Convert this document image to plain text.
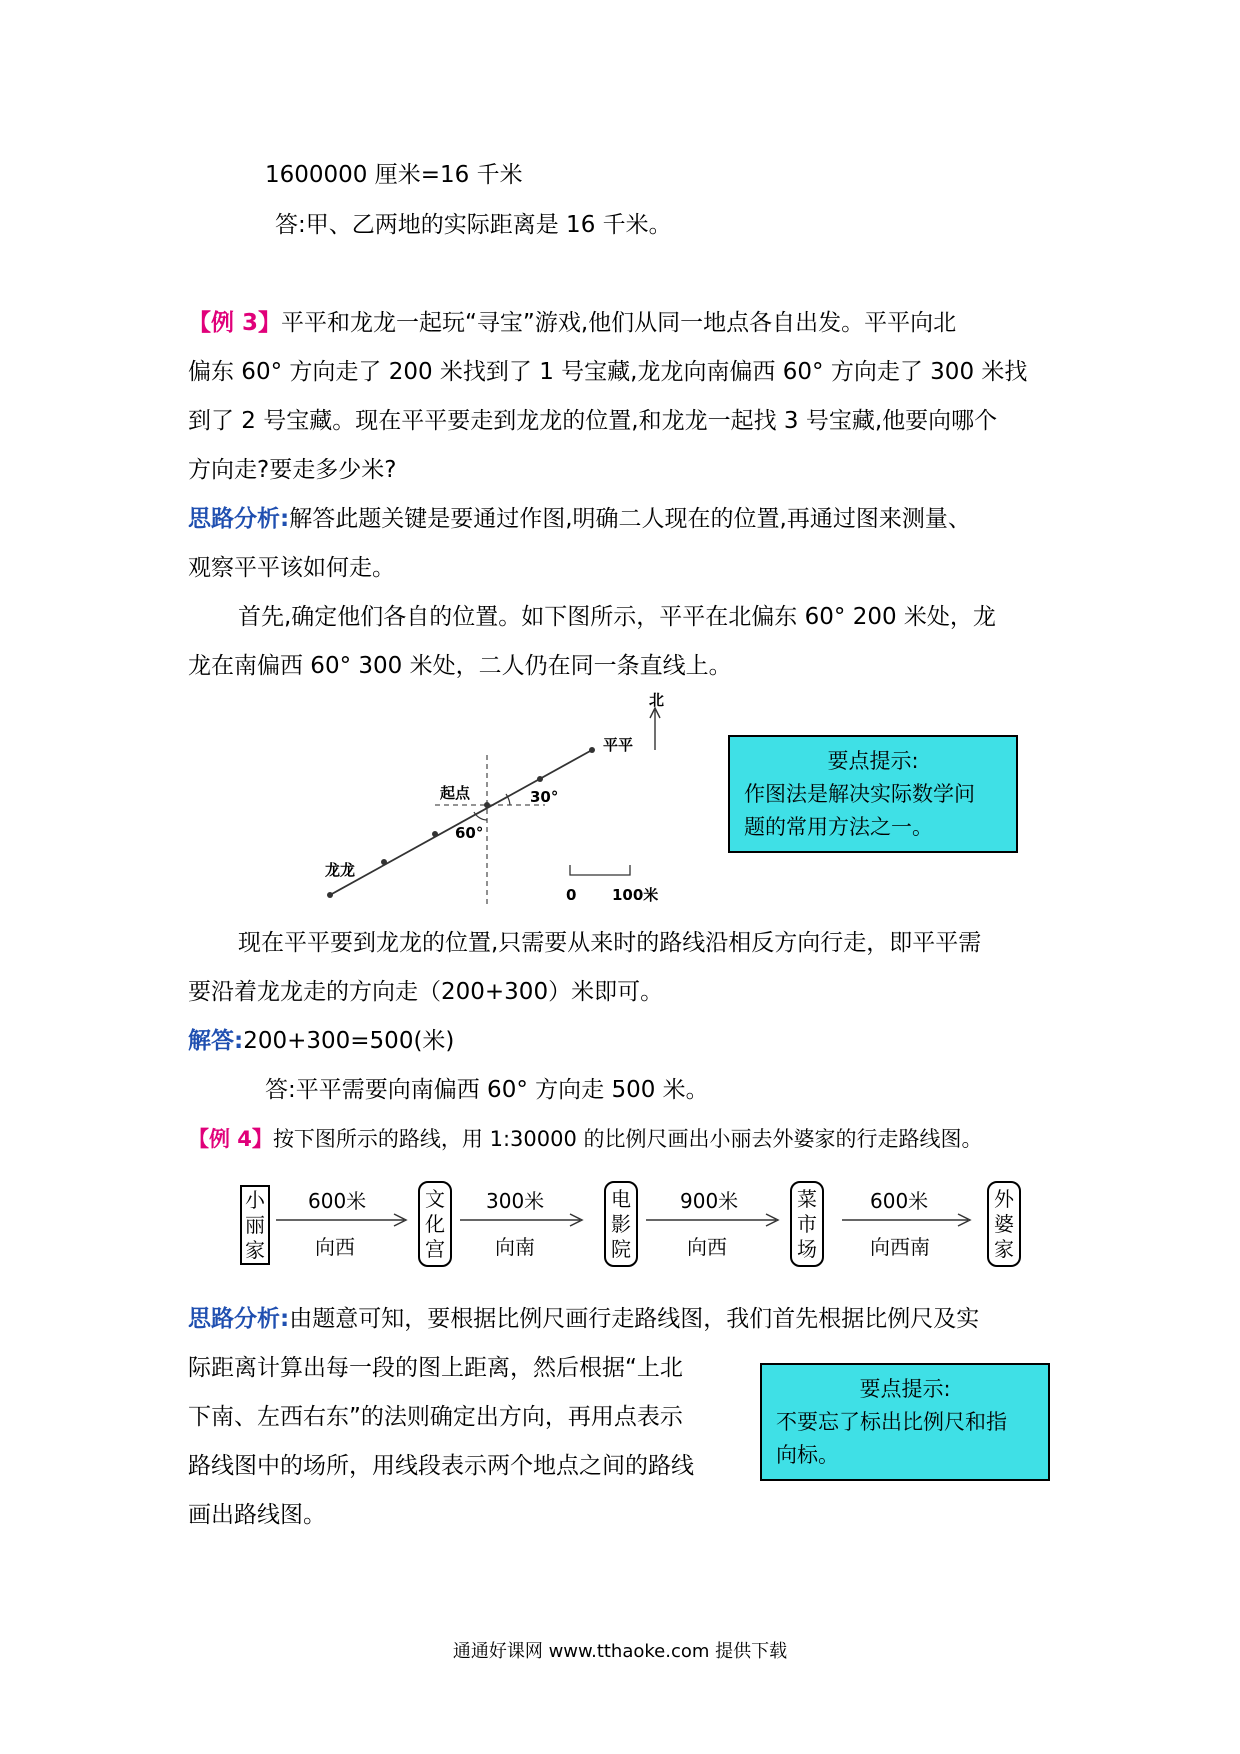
1600000 厘米=16 千米
答:甲、乙两地的实际距离是 16 千米。
【例 3】平平和龙龙一起玩“寻宝”游戏,他们从同一地点各自出发。平平向北
偏东 60° 方向走了 200 米找到了 1 号宝藏,龙龙向南偏西 60° 方向走了 300 米找
到了 2 号宝藏。现在平平要走到龙龙的位置,和龙龙一起找 3 号宝藏,他要向哪个
方向走?要走多少米?
思路分析:解答此题关键是要通过作图,明确二人现在的位置,再通过图来测量、
观察平平该如何走。
首先,确定他们各自的位置。如下图所示，平平在北偏东 60° 200 米处，龙
龙在南偏西 60° 300 米处，二人仍在同一条直线上。
北
平平
起点
龙龙
30°
60°
0 100米
要点提示:
作图法是解决实际数学问
题的常用方法之一。
现在平平要到龙龙的位置,只需要从来时的路线沿相反方向行走，即平平需
要沿着龙龙走的方向走（200+300）米即可。
解答:200+300=500(米)
答:平平需要向南偏西 60° 方向走 500 米。
【例 4】按下图所示的路线，用 1:30000 的比例尺画出小丽去外婆家的行走路线图。
小
丽
家
文
化
宫
电
影
院
菜
市
场
外
婆
家
600米
向西
300米
向南
900米
向西
600米
向西南
思路分析:由题意可知，要根据比例尺画行走路线图，我们首先根据比例尺及实
际距离计算出每一段的图上距离，然后根据“上北
下南、左西右东”的法则确定出方向，再用点表示
路线图中的场所，用线段表示两个地点之间的路线
画出路线图。
要点提示:
不要忘了标出比例尺和指
向标。
通通好课网 www.tthaoke.com 提供下载
